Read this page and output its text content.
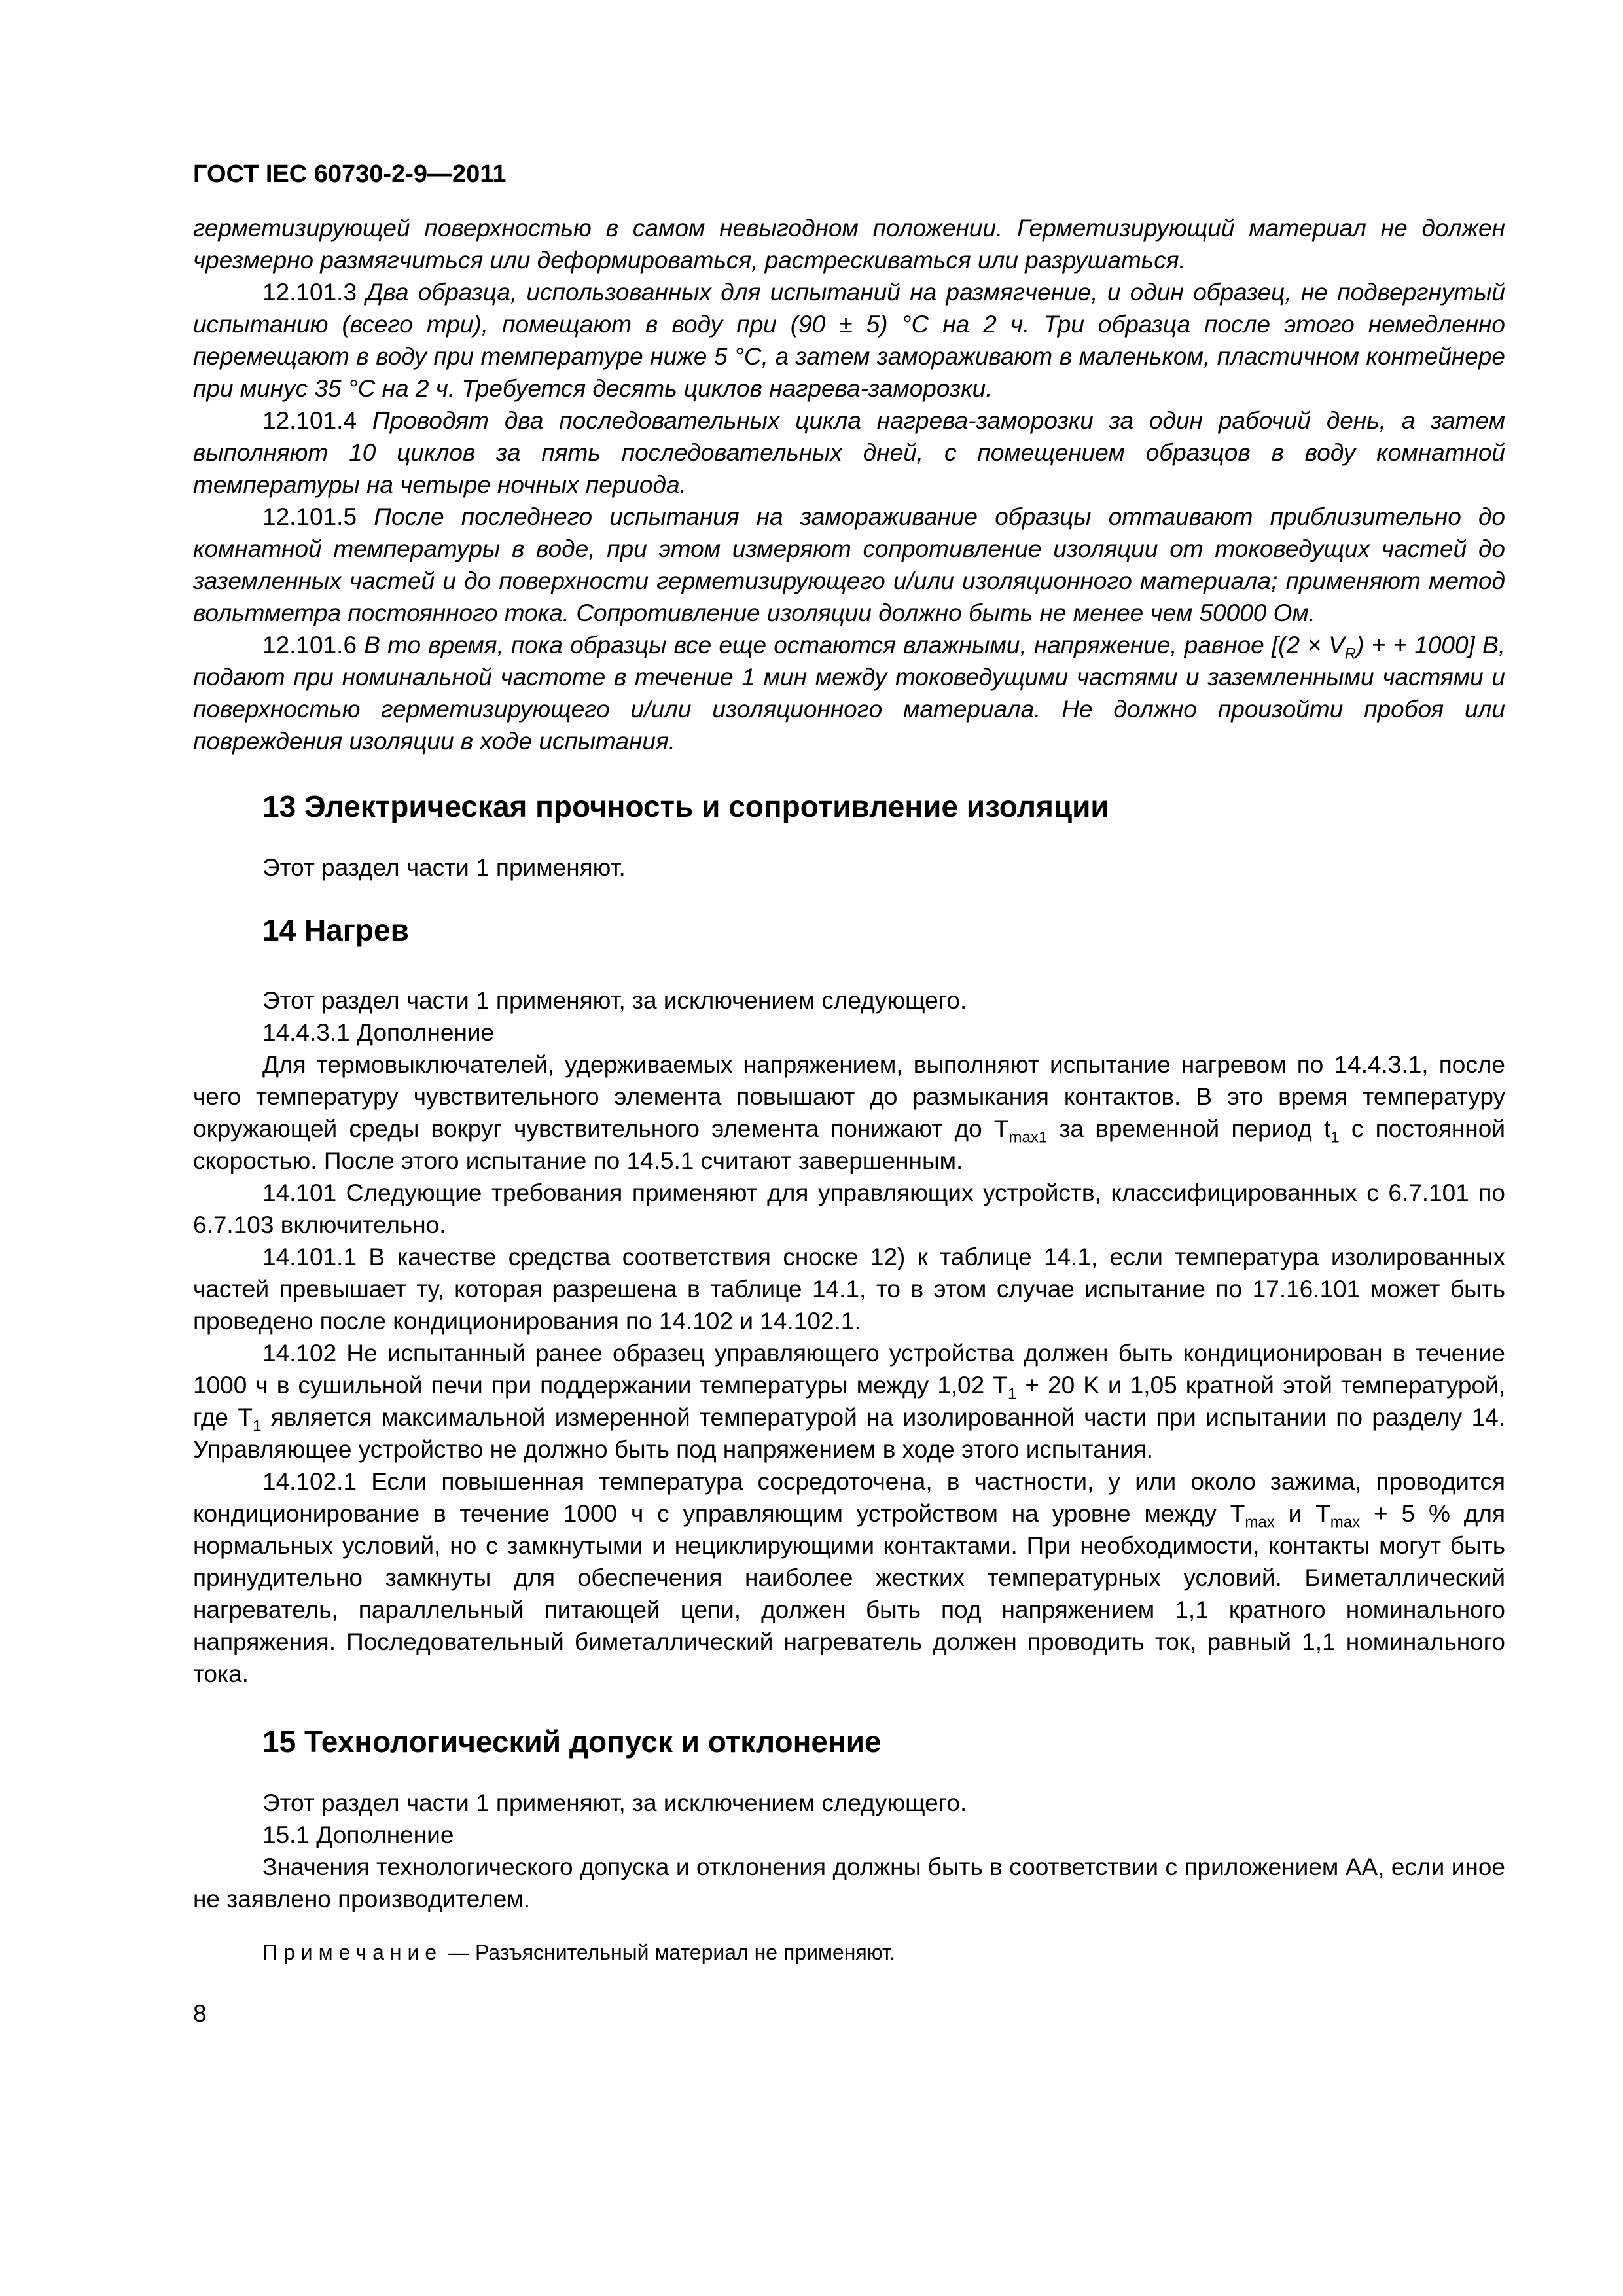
ГОСТ IEC 60730-2-9—2011

герметизирующей поверхностью в самом невыгодном положении. Герметизирующий материал не должен чрезмерно размягчиться или деформироваться, растрескиваться или разрушаться.

12.101.3 Два образца, использованных для испытаний на размягчение, и один образец, не подвергнутый испытанию (всего три), помещают в воду при (90 ± 5) °С на 2 ч. Три образца после этого немедленно перемещают в воду при температуре ниже 5 °С, а затем замораживают в маленьком, пластичном контейнере при минус 35 °С на 2 ч. Требуется десять циклов нагрева-заморозки.

12.101.4 Проводят два последовательных цикла нагрева-заморозки за один рабочий день, а затем выполняют 10 циклов за пять последовательных дней, с помещением образцов в воду комнатной температуры на четыре ночных периода.

12.101.5 После последнего испытания на замораживание образцы оттаивают приблизительно до комнатной температуры в воде, при этом измеряют сопротивление изоляции от токоведущих частей до заземленных частей и до поверхности герметизирующего и/или изоляционного материала; применяют метод вольтметра постоянного тока. Сопротивление изоляции должно быть не менее чем 50000 Ом.

12.101.6 В то время, пока образцы все еще остаются влажными, напряжение, равное [$(2 \times V_R)$ + + 1000] В, подают при номинальной частоте в течение 1 мин между токоведущими частями и заземленными частями и поверхностью герметизирующего и/или изоляционного материала. Не должно произойти пробоя или повреждения изоляции в ходе испытания.

13 Электрическая прочность и сопротивление изоляции

Этот раздел части 1 применяют.

14 Нагрев

Этот раздел части 1 применяют, за исключением следующего.

14.4.3.1 Дополнение

Для термовыключателей, удерживаемых напряжением, выполняют испытание нагревом по 14.4.3.1, после чего температуру чувствительного элемента повышают до размыкания контактов. В это время температуру окружающей среды вокруг чувствительного элемента понижают до $T_{max1}$ за временной период $t_1$ с постоянной скоростью. После этого испытание по 14.5.1 считают завершенным.

14.101 Следующие требования применяют для управляющих устройств, классифицированных с 6.7.101 по 6.7.103 включительно.

14.101.1 В качестве средства соответствия сноске 12) к таблице 14.1, если температура изолированных частей превышает ту, которая разрешена в таблице 14.1, то в этом случае испытание по 17.16.101 может быть проведено после кондиционирования по 14.102 и 14.102.1.

14.102 Не испытанный ранее образец управляющего устройства должен быть кондиционирован в течение 1000 ч в сушильной печи при поддержании температуры между 1,02 $T_1 + 20$ K и 1,05 кратной этой температурой, где $T_1$ является максимальной измеренной температурой на изолированной части при испытании по разделу 14. Управляющее устройство не должно быть под напряжением в ходе этого испытания.

14.102.1 Если повышенная температура сосредоточена, в частности, у или около зажима, проводится кондиционирование в течение 1000 ч с управляющим устройством на уровне между $T_{max}$ и $T_{max} + 5$ % для нормальных условий, но с замкнутыми и нециклирующими контактами. При необходимости, контакты могут быть принудительно замкнуты для обеспечения наиболее жестких температурных условий. Биметаллический нагреватель, параллельный питающей цепи, должен быть под напряжением 1,1 кратного номинального напряжения. Последовательный биметаллический нагреватель должен проводить ток, равный 1,1 номинального тока.

15 Технологический допуск и отклонение

Этот раздел части 1 применяют, за исключением следующего.

15.1 Дополнение

Значения технологического допуска и отклонения должны быть в соответствии с приложением AA, если иное не заявлено производителем.

Примечание — Разъяснительный материал не применяют.
8
